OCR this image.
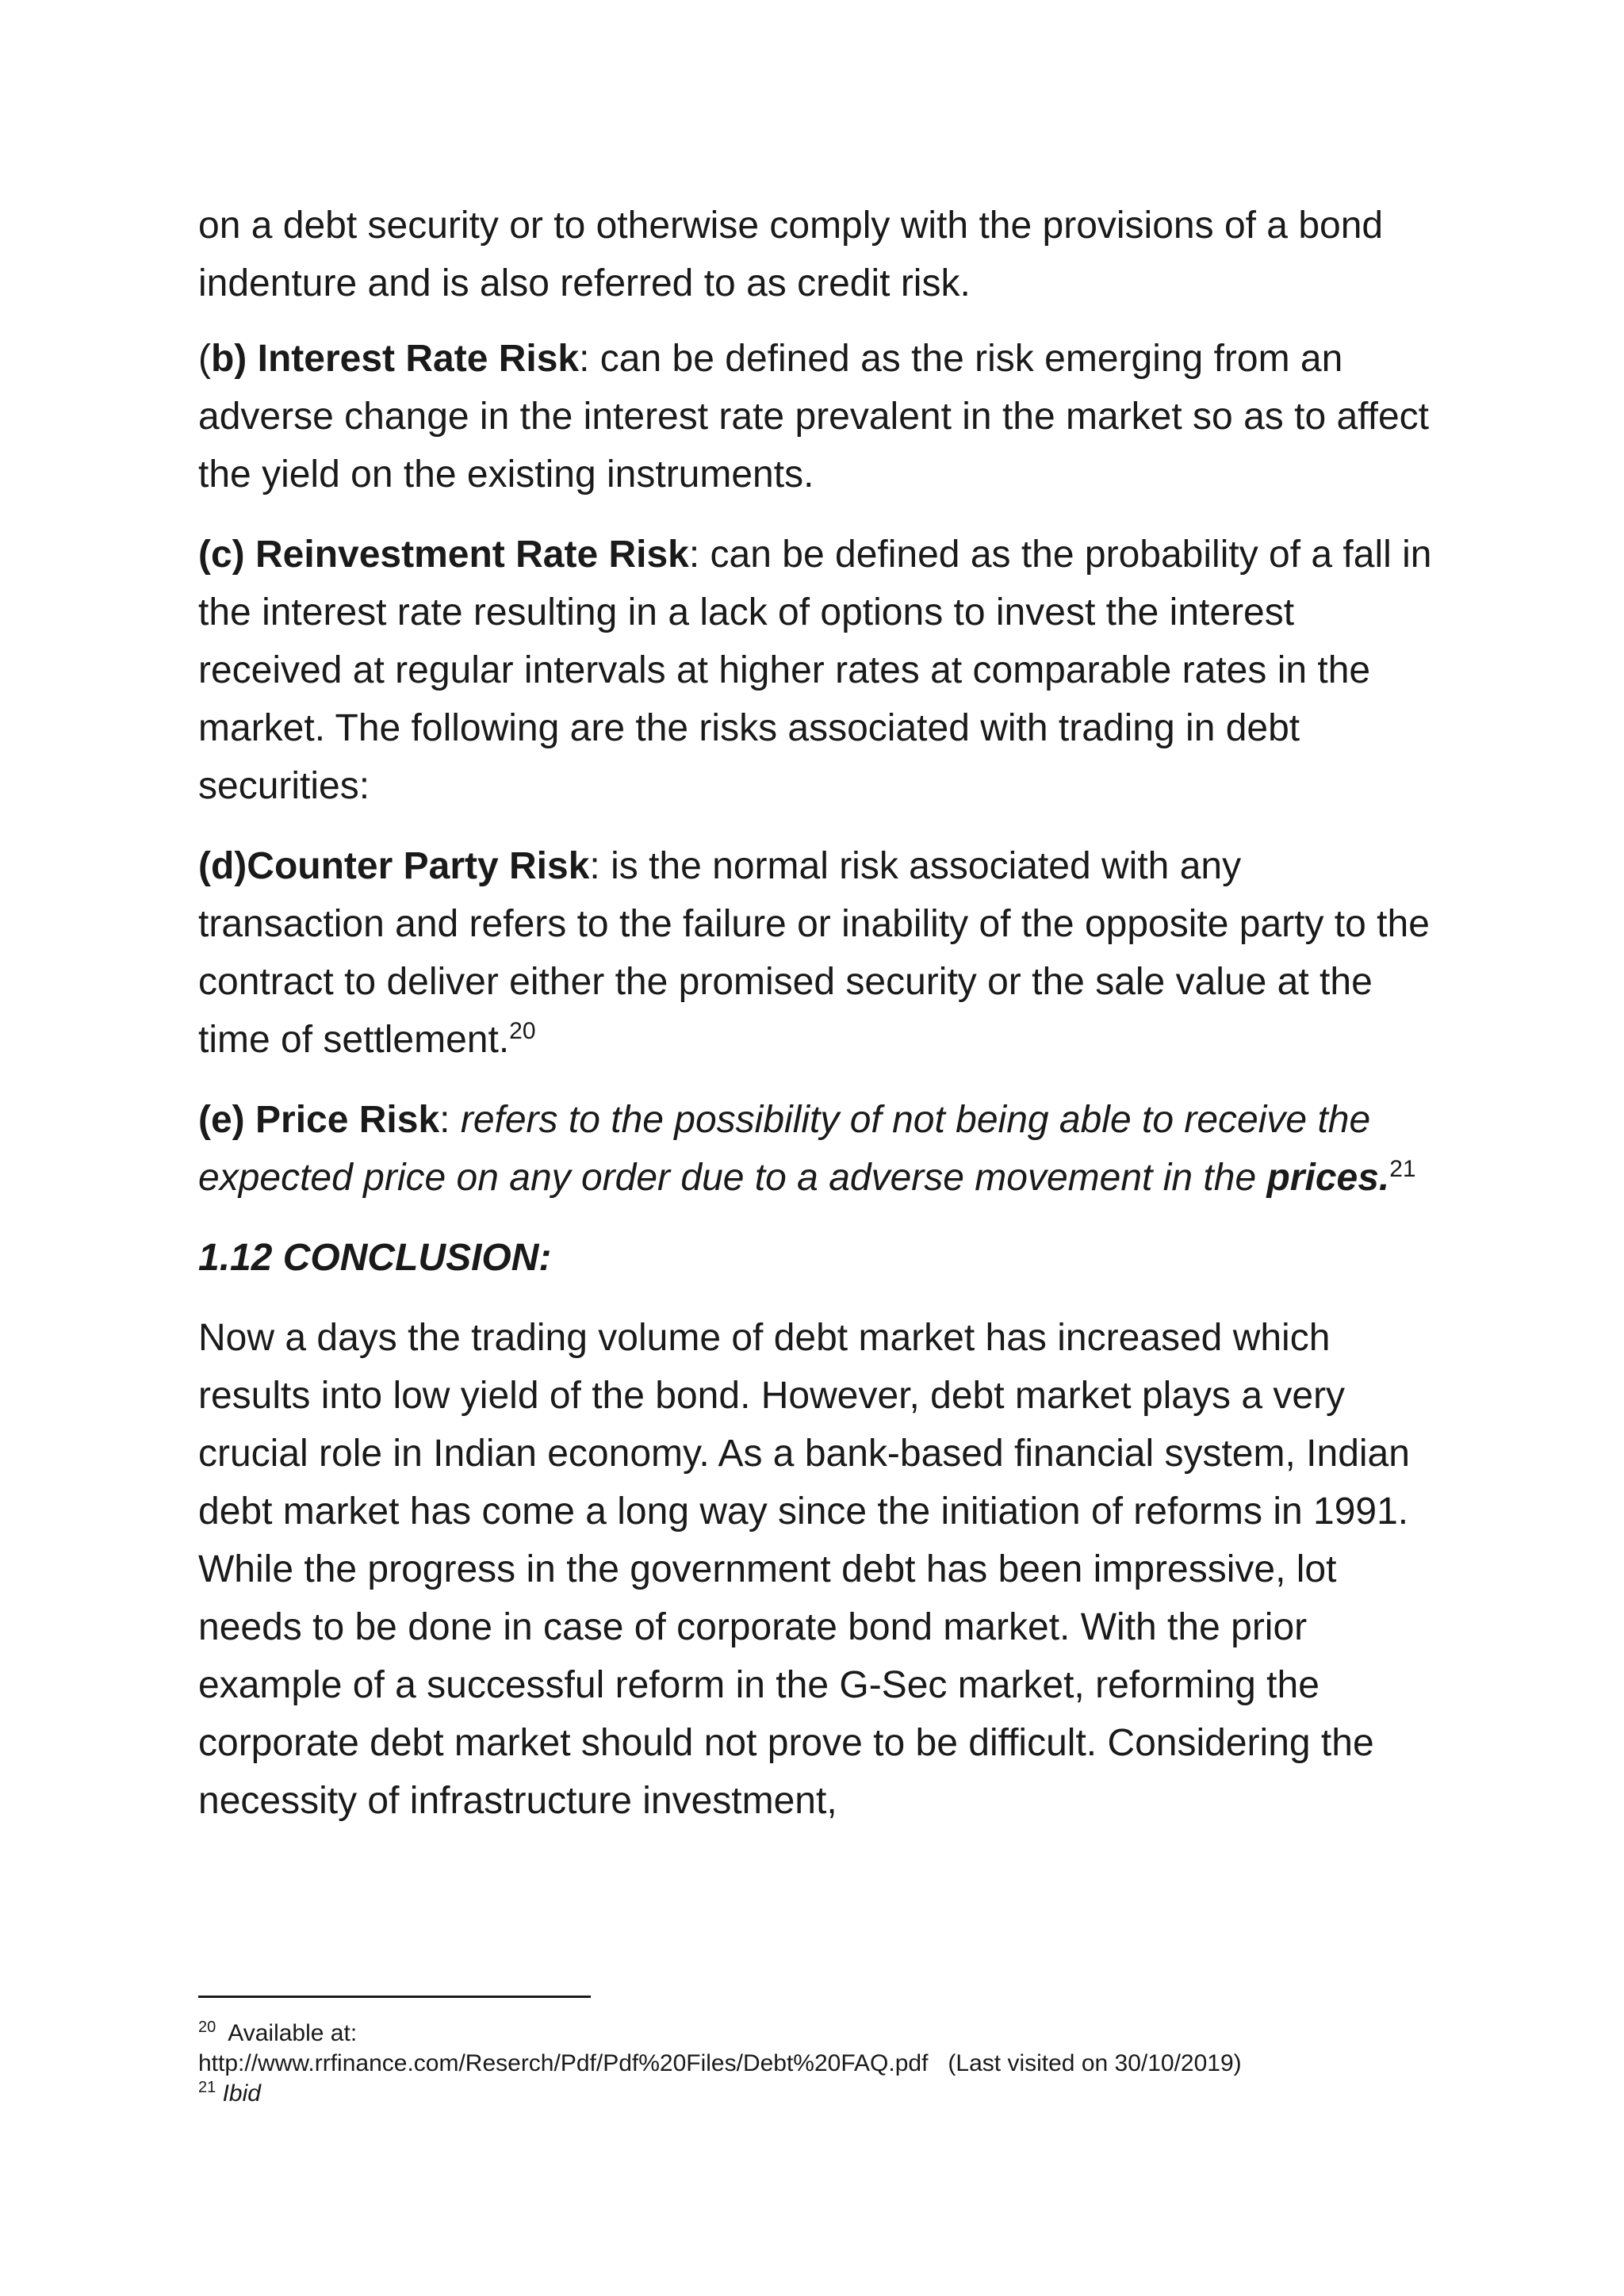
on a debt security or to otherwise comply with the provisions of a bond indenture and is also referred to as credit risk.

(b) Interest Rate Risk: can be defined as the risk emerging from an adverse change in the interest rate prevalent in the market so as to affect the yield on the existing instruments.

(c) Reinvestment Rate Risk: can be defined as the probability of a fall in the interest rate resulting in a lack of options to invest the interest received at regular intervals at higher rates at comparable rates in the market. The following are the risks associated with trading in debt securities:

(d)Counter Party Risk: is the normal risk associated with any transaction and refers to the failure or inability of the opposite party to the contract to deliver either the promised security or the sale value at the time of settlement.$^{20}$

(e) Price Risk: refers to the possibility of not being able to receive the expected price on any order due to a adverse movement in the prices.$^{21}$

1.12 CONCLUSION:

Now a days the trading volume of debt market has increased which results into low yield of the bond. However, debt market plays a very crucial role in Indian economy. As a bank-based financial system, Indian debt market has come a long way since the initiation of reforms in 1991. While the progress in the government debt has been impressive, lot needs to be done in case of corporate bond market. With the prior example of a successful reform in the G-Sec market, reforming the corporate debt market should not prove to be difficult. Considering the necessity of infrastructure investment,

$^{20}$ Available at:
http://www.rrfinance.com/Reserch/Pdf/Pdf%20Files/Debt%20FAQ.pdf (Last visited on 30/10/2019)
$^{21}$ Ibid
